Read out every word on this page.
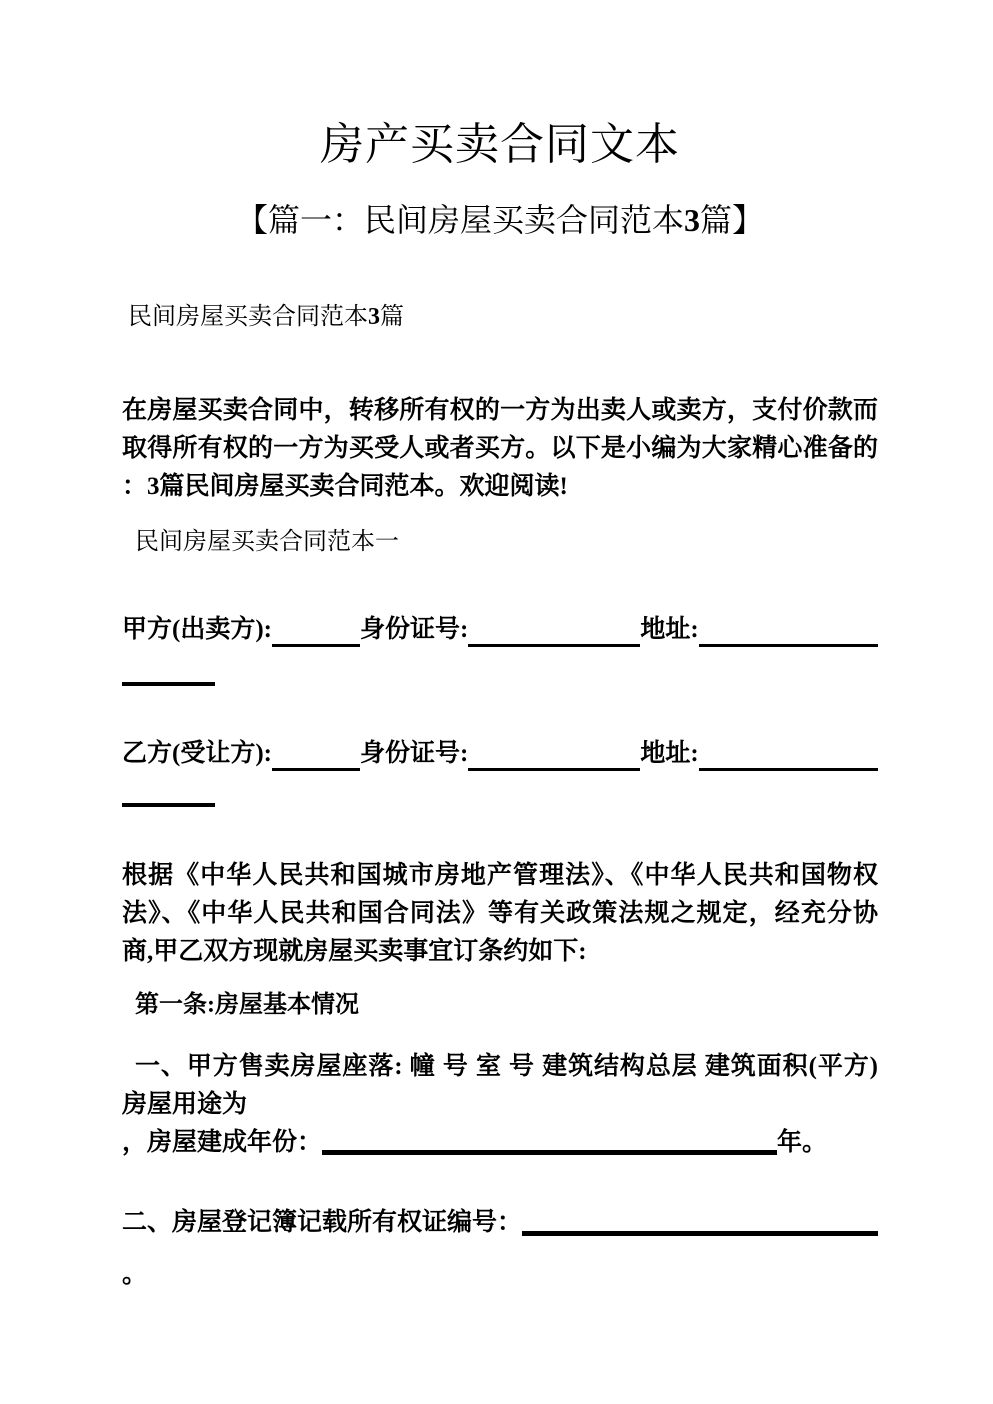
房产买卖合同文本
【篇一：民间房屋买卖合同范本3篇】
民间房屋买卖合同范本3篇
在房屋买卖合同中，转移所有权的一方为出卖人或卖方，支付价款而
取得所有权的一方为买受人或者买方。以下是小编为大家精心准备的
：3篇民间房屋买卖合同范本。欢迎阅读!
民间房屋买卖合同范本一
甲方(出卖方):	身份证号:	地址:
乙方(受让方):	身份证号:	地址:
根据《中华人民共和国城市房地产管理法》、《中华人民共和国物权
法》、《中华人民共和国合同法》等有关政策法规之规定，经充分协
商,甲乙双方现就房屋买卖事宜订条约如下:
第一条:房屋基本情况
一、甲方售卖房屋座落: 幢 号 室 号 建筑结构总层 建筑面积(平方)
房屋用途为
，房屋建成年份：	年。
二、房屋登记簿记载所有权证编号：
。
